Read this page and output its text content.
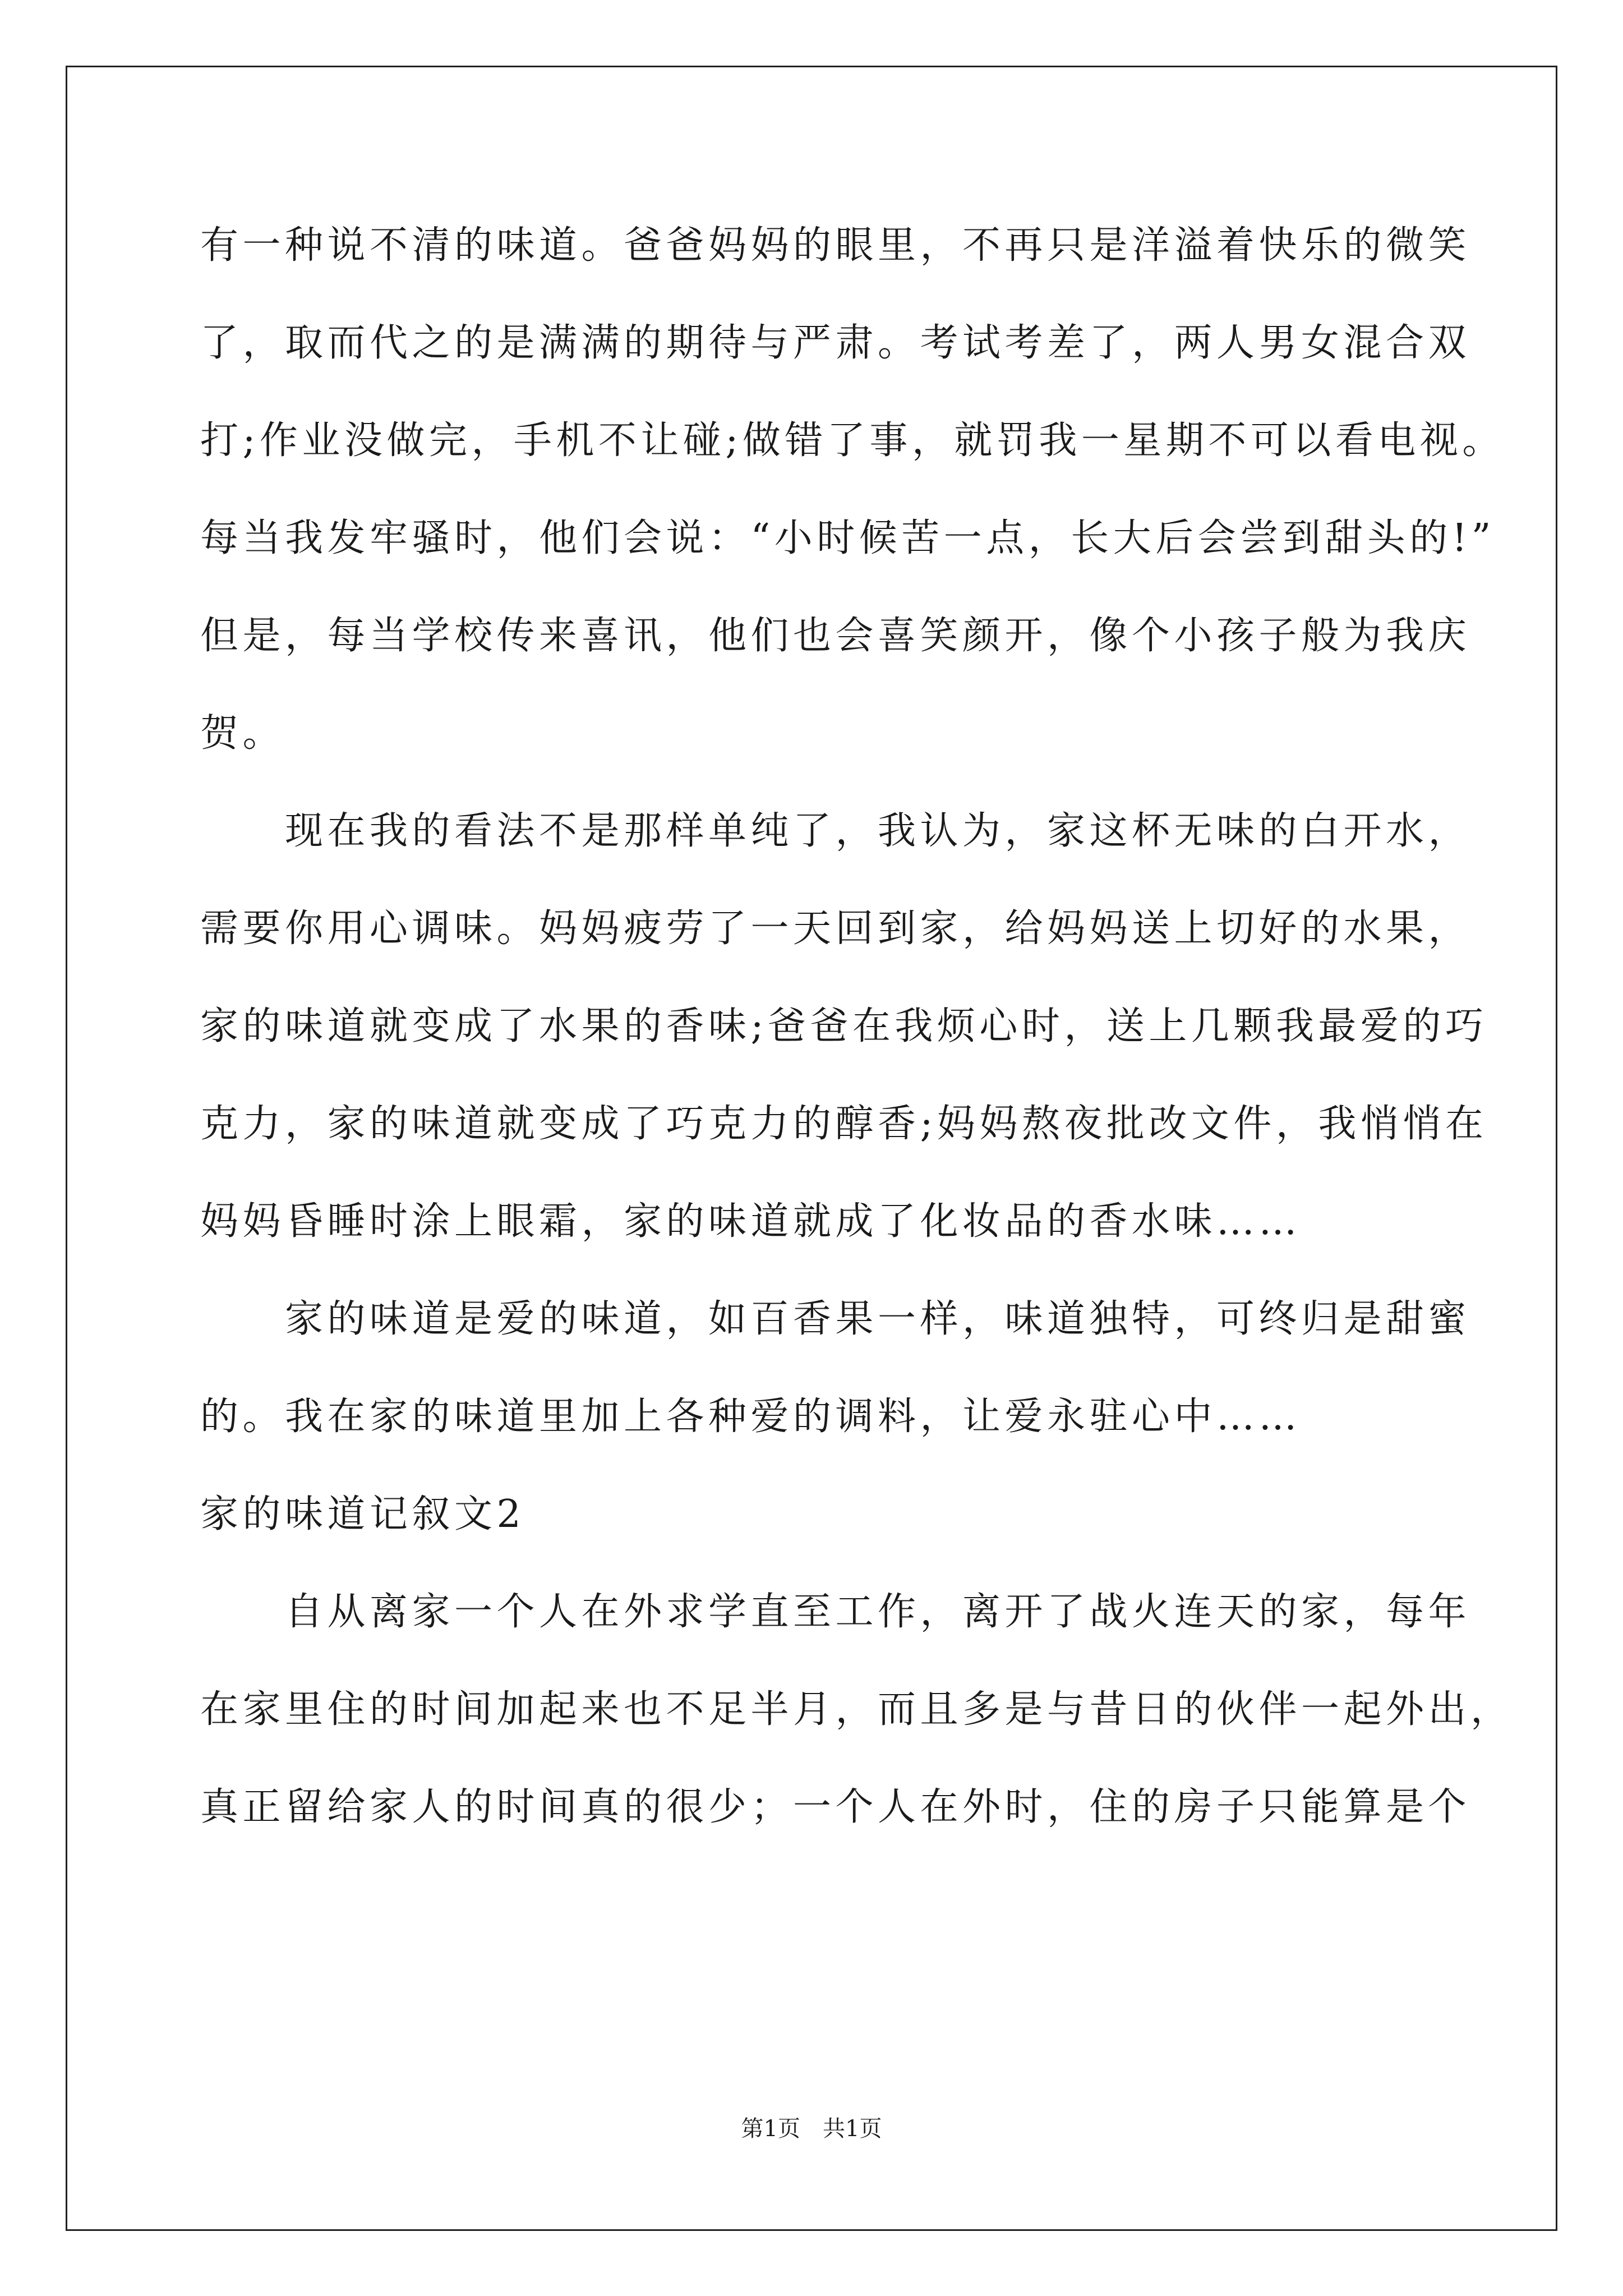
有一种说不清的味道。爸爸妈妈的眼里，不再只是洋溢着快乐的微笑
了，取而代之的是满满的期待与严肃。考试考差了，两人男女混合双
打;作业没做完，手机不让碰;做错了事，就罚我一星期不可以看电视。
每当我发牢骚时，他们会说：“小时候苦一点，长大后会尝到甜头的!”
但是，每当学校传来喜讯，他们也会喜笑颜开，像个小孩子般为我庆
贺。
　　现在我的看法不是那样单纯了，我认为，家这杯无味的白开水，
需要你用心调味。妈妈疲劳了一天回到家，给妈妈送上切好的水果，
家的味道就变成了水果的香味;爸爸在我烦心时，送上几颗我最爱的巧
克力，家的味道就变成了巧克力的醇香;妈妈熬夜批改文件，我悄悄在
妈妈昏睡时涂上眼霜，家的味道就成了化妆品的香水味……
　　家的味道是爱的味道，如百香果一样，味道独特，可终归是甜蜜
的。我在家的味道里加上各种爱的调料，让爱永驻心中……
家的味道记叙文2
　　自从离家一个人在外求学直至工作，离开了战火连天的家，每年
在家里住的时间加起来也不足半月，而且多是与昔日的伙伴一起外出，
真正留给家人的时间真的很少；一个人在外时，住的房子只能算是个
第1页　共1页
